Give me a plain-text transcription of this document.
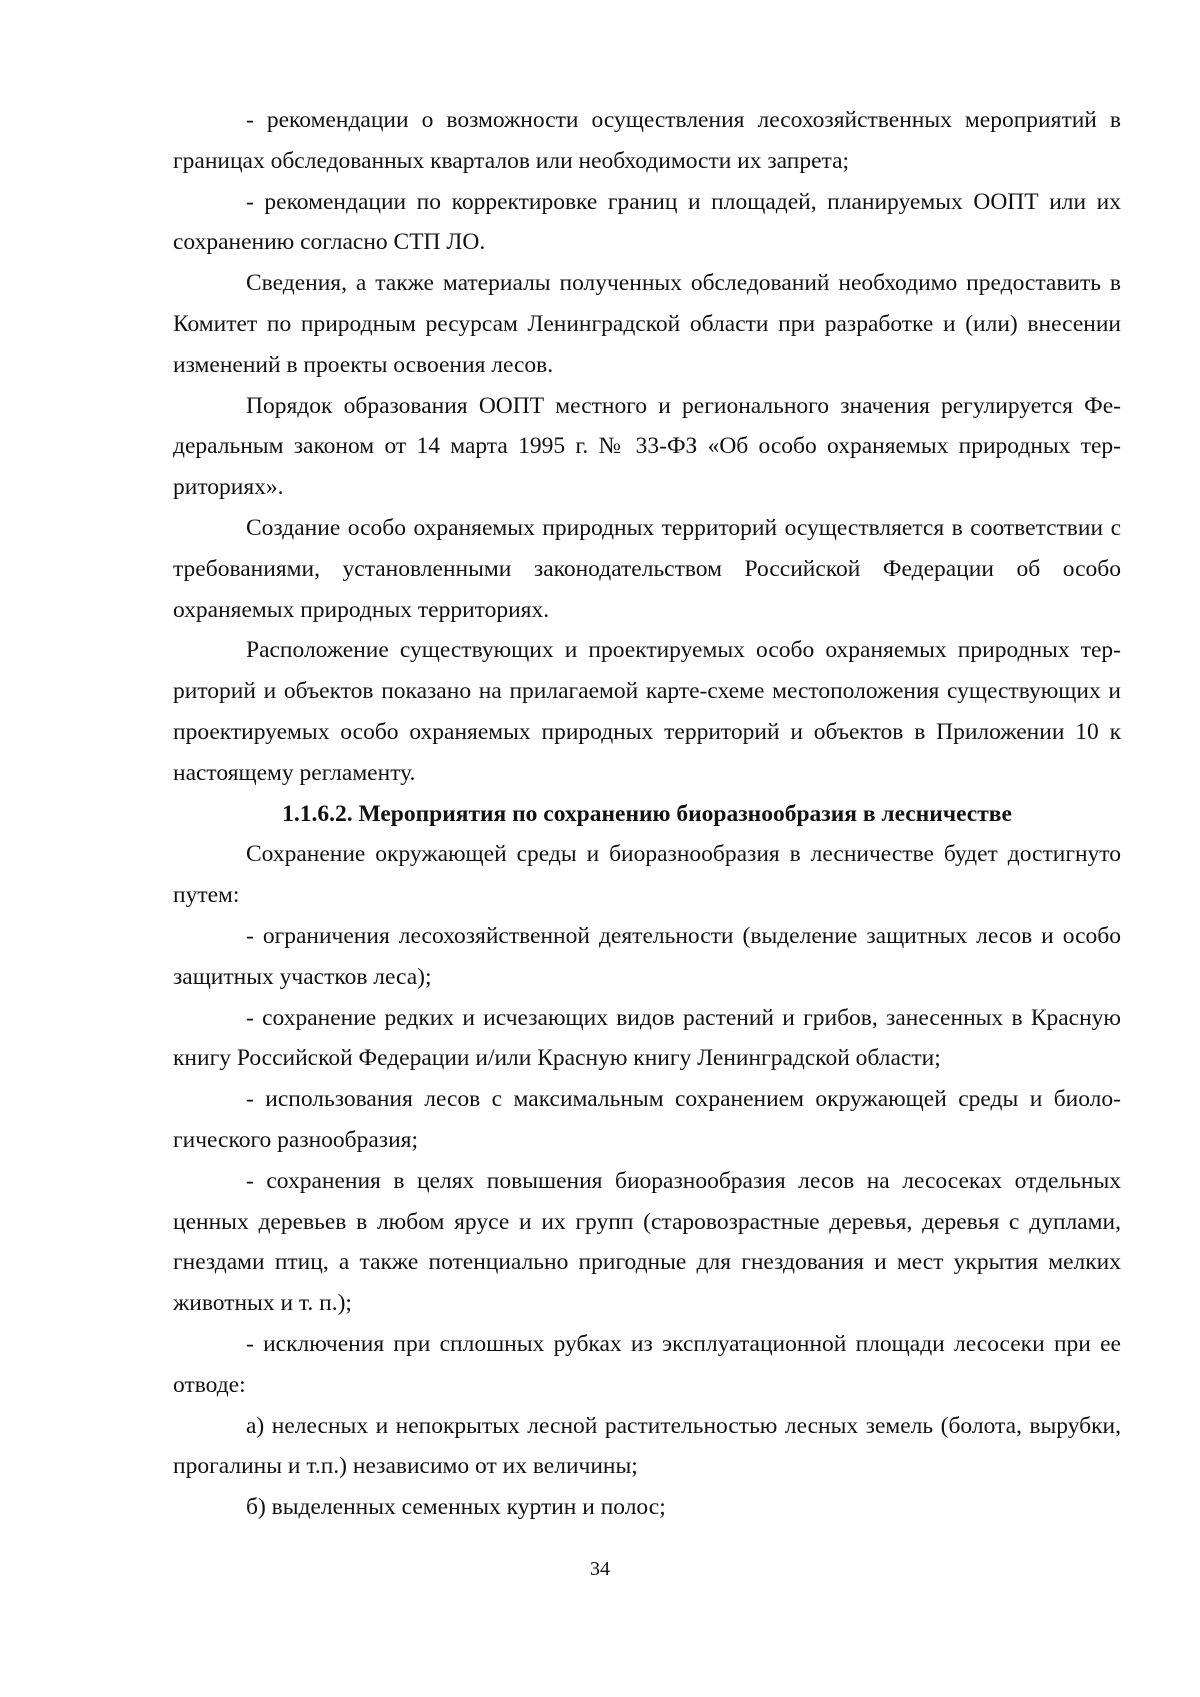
- рекомендации о возможности осуществления лесохозяйственных мероприятий в границах обследованных кварталов или необходимости их запрета;

- рекомендации по корректировке границ и площадей, планируемых ООПТ или их сохранению согласно СТП ЛО.

Сведения, а также материалы полученных обследований необходимо предоставить в Комитет по природным ресурсам Ленинградской области при разработке и (или) внесении изменений в проекты освоения лесов.

Порядок образования ООПТ местного и регионального значения регулируется Федеральным законом от 14 марта 1995 г. № 33-ФЗ «Об особо охраняемых природных территориях».

Создание особо охраняемых природных территорий осуществляется в соответствии с требованиями, установленными законодательством Российской Федерации об особо охраняемых природных территориях.

Расположение существующих и проектируемых особо охраняемых природных территорий и объектов показано на прилагаемой карте-схеме местоположения существующих и проектируемых особо охраняемых природных территорий и объектов в Приложении 10 к настоящему регламенту.

1.1.6.2. Мероприятия по сохранению биоразнообразия в лесничестве

Сохранение окружающей среды и биоразнообразия в лесничестве будет достигнуто путем:

- ограничения лесохозяйственной деятельности (выделение защитных лесов и особо защитных участков леса);

- сохранение редких и исчезающих видов растений и грибов, занесенных в Красную книгу Российской Федерации и/или Красную книгу Ленинградской области;

- использования лесов с максимальным сохранением окружающей среды и биологического разнообразия;

- сохранения в целях повышения биоразнообразия лесов на лесосеках отдельных ценных деревьев в любом ярусе и их групп (старовозрастные деревья, деревья с дуплами, гнездами птиц, а также потенциально пригодные для гнездования и мест укрытия мелких животных и т. п.);

- исключения при сплошных рубках из эксплуатационной площади лесосеки при ее отводе:

а) нелесных и непокрытых лесной растительностью лесных земель (болота, вырубки, прогалины и т.п.) независимо от их величины;

б) выделенных семенных куртин и полос;

34
